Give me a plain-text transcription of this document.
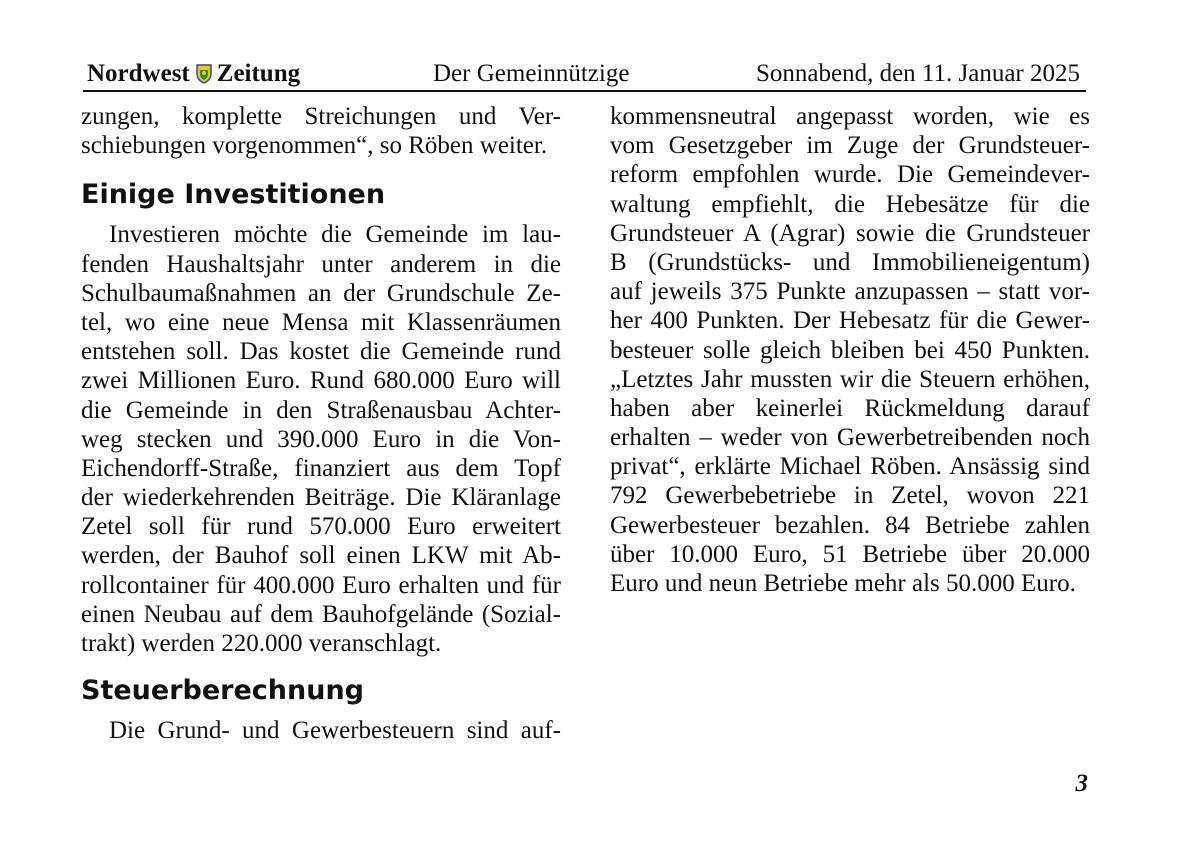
Nordwest Zeitung	Der Gemeinnützige	Sonnabend, den 11. Januar 2025
zungen, komplette Streichungen und Ver-
schiebungen vorgenommen“, so Röben weiter.
Einige Investitionen
Investieren möchte die Gemeinde im lau-
fenden Haushaltsjahr unter anderem in die
Schulbaumaßnahmen an der Grundschule Ze-
tel, wo eine neue Mensa mit Klassenräumen
entstehen soll. Das kostet die Gemeinde rund
zwei Millionen Euro. Rund 680.000 Euro will
die Gemeinde in den Straßenausbau Achter-
weg stecken und 390.000 Euro in die Von-
Eichendorff-Straße, finanziert aus dem Topf
der wiederkehrenden Beiträge. Die Kläranlage
Zetel soll für rund 570.000 Euro erweitert
werden, der Bauhof soll einen LKW mit Ab-
rollcontainer für 400.000 Euro erhalten und für
einen Neubau auf dem Bauhofgelände (Sozial-
trakt) werden 220.000 veranschlagt.
Steuerberechnung
Die Grund- und Gewerbesteuern sind auf-
kommensneutral angepasst worden, wie es
vom Gesetzgeber im Zuge der Grundsteuer-
reform empfohlen wurde. Die Gemeindever-
waltung empfiehlt, die Hebesätze für die
Grundsteuer A (Agrar) sowie die Grundsteuer
B (Grundstücks- und Immobilieneigentum)
auf jeweils 375 Punkte anzupassen – statt vor-
her 400 Punkten. Der Hebesatz für die Gewer-
besteuer solle gleich bleiben bei 450 Punkten.
„Letztes Jahr mussten wir die Steuern erhöhen,
haben aber keinerlei Rückmeldung darauf
erhalten – weder von Gewerbetreibenden noch
privat“, erklärte Michael Röben. Ansässig sind
792 Gewerbebetriebe in Zetel, wovon 221
Gewerbesteuer bezahlen. 84 Betriebe zahlen
über 10.000 Euro, 51 Betriebe über 20.000
Euro und neun Betriebe mehr als 50.000 Euro.
3
